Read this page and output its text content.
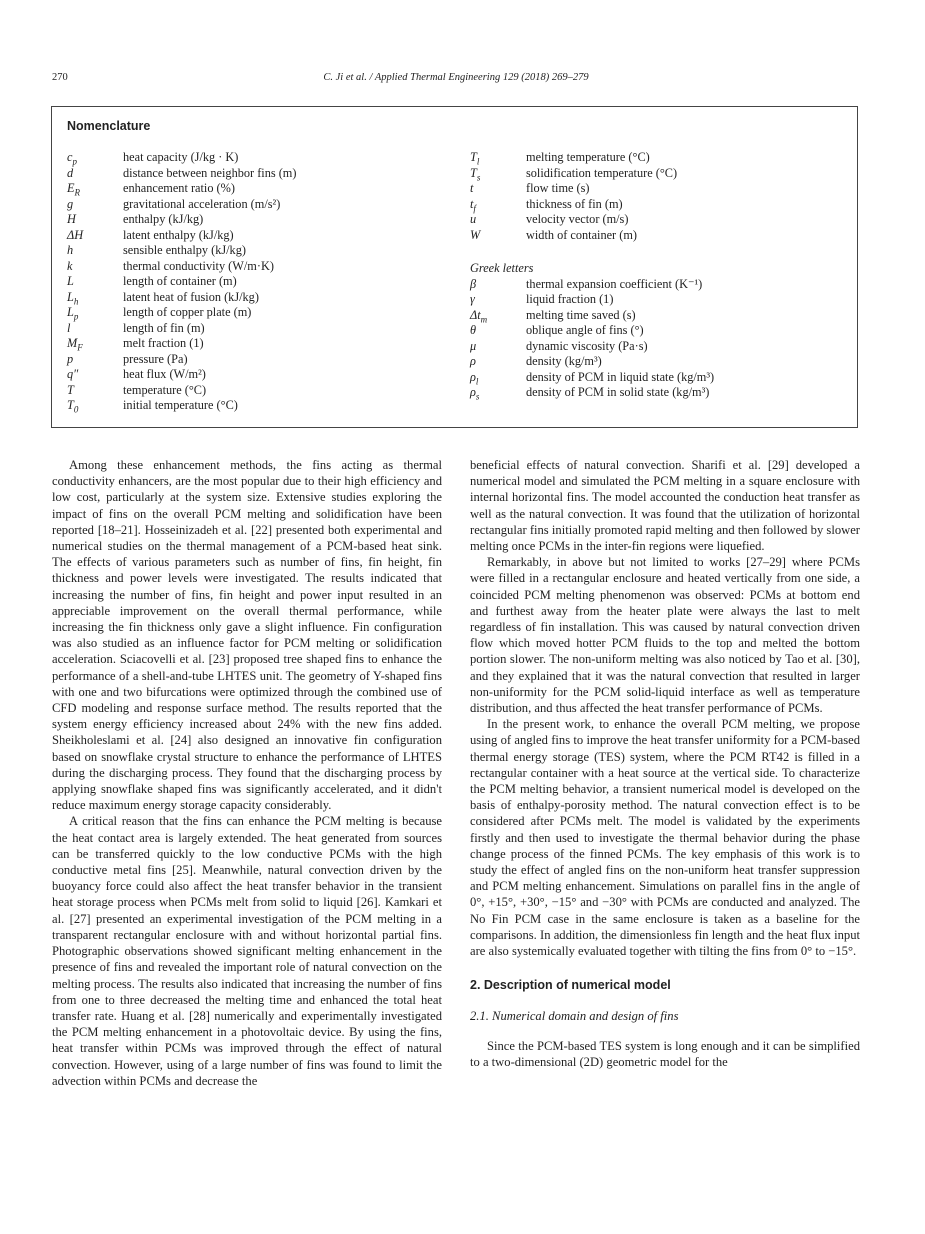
270	C. Ji et al. / Applied Thermal Engineering 129 (2018) 269–279
Nomenclature
$c_p$	heat capacity (J/kg · K)
d	distance between neighbor fins (m)
$E_R$	enhancement ratio (%)
g⃗	gravitational acceleration (m/s²)
H	enthalpy (kJ/kg)
ΔH	latent enthalpy (kJ/kg)
h	sensible enthalpy (kJ/kg)
k	thermal conductivity (W/m·K)
L	length of container (m)
$L_h$	latent heat of fusion (kJ/kg)
$L_p$	length of copper plate (m)
l	length of fin (m)
$M_F$	melt fraction (1)
p	pressure (Pa)
q″	heat flux (W/m²)
T	temperature (°C)
$T_0$	initial temperature (°C)
$T_l$	melting temperature (°C)
$T_s$	solidification temperature (°C)
t	flow time (s)
$t_f$	thickness of fin (m)
u⃗	velocity vector (m/s)
W	width of container (m)
Greek letters
β	thermal expansion coefficient (K⁻¹)
γ	liquid fraction (1)
$\Delta t_m$	melting time saved (s)
θ	oblique angle of fins (°)
μ	dynamic viscosity (Pa·s)
ρ	density (kg/m³)
$\rho_l$	density of PCM in liquid state (kg/m³)
$\rho_s$	density of PCM in solid state (kg/m³)

Among these enhancement methods, the fins acting as thermal conductivity enhancers, are the most popular due to their high efficiency and low cost, particularly at the system size. Extensive studies exploring the impact of fins on the overall PCM melting and solidification have been reported [18–21]. Hosseinizadeh et al. [22] presented both experimental and numerical studies on the thermal management of a PCM-based heat sink. The effects of various parameters such as number of fins, fin height, fin thickness and power levels were investigated. The results indicated that increasing the number of fins, fin height and power input resulted in an appreciable improvement on the overall thermal performance, while increasing the fin thickness only gave a slight influence. Fin configuration was also studied as an influence factor for PCM melting or solidification acceleration. Sciacovelli et al. [23] proposed tree shaped fins to enhance the performance of a shell-and-tube LHTES unit. The geometry of Y-shaped fins with one and two bifurcations were optimized through the combined use of CFD modeling and response surface method. The results reported that the system energy efficiency increased about 24% with the new fins added. Sheikholeslami et al. [24] also designed an innovative fin configuration based on snowflake crystal structure to enhance the performance of LHTES during the discharging process. They found that the discharging process by applying snowflake shaped fins was significantly accelerated, and it didn't reduce maximum energy storage capacity considerably.

A critical reason that the fins can enhance the PCM melting is because the heat contact area is largely extended. The heat generated from sources can be transferred quickly to the low conductive PCMs with the high conductive metal fins [25]. Meanwhile, natural convection driven by the buoyancy force could also affect the heat transfer behavior in the transient heat storage process when PCMs melt from solid to liquid [26]. Kamkari et al. [27] presented an experimental investigation of the PCM melting in a transparent rectangular enclosure with and without horizontal partial fins. Photographic observations showed significant melting enhancement in the presence of fins and revealed the important role of natural convection on the melting process. The results also indicated that increasing the number of fins from one to three decreased the melting time and enhanced the total heat transfer rate. Huang et al. [28] numerically and experimentally investigated the PCM melting enhancement in a photovoltaic device. By using the fins, heat transfer within PCMs was improved through the effect of natural convection. However, using of a large number of fins was found to limit the advection within PCMs and decrease the

beneficial effects of natural convection. Sharifi et al. [29] developed a numerical model and simulated the PCM melting in a square enclosure with internal horizontal fins. The model accounted the conduction heat transfer as well as the natural convection. It was found that the utilization of horizontal rectangular fins initially promoted rapid melting and then followed by slower melting once PCMs in the inter-fin regions were liquefied.

Remarkably, in above but not limited to works [27–29] where PCMs were filled in a rectangular enclosure and heated vertically from one side, a coincided PCM melting phenomenon was observed: PCMs at bottom end and furthest away from the heater plate were always the last to melt regardless of fin installation. This was caused by natural convection driven flow which moved hotter PCM fluids to the top and melted the bottom portion slower. The non-uniform melting was also noticed by Tao et al. [30], and they explained that it was the natural convection that resulted in larger non-uniformity for the PCM solid-liquid interface as well as temperature distribution, and thus affected the heat transfer performance of PCMs.

In the present work, to enhance the overall PCM melting, we propose using of angled fins to improve the heat transfer uniformity for a PCM-based thermal energy storage (TES) system, where the PCM RT42 is filled in a rectangular container with a heat source at the vertical side. To characterize the PCM melting behavior, a transient numerical model is developed on the basis of enthalpy-porosity method. The natural convection effect is to be considered after PCMs melt. The model is validated by the experiments firstly and then used to investigate the thermal behavior during the phase change process of the finned PCMs. The key emphasis of this work is to study the effect of angled fins on the non-uniform heat transfer suppression and PCM melting enhancement. Simulations on parallel fins in the angle of 0°, +15°, +30°, −15° and −30° with PCMs are conducted and analyzed. The No Fin PCM case in the same enclosure is taken as a baseline for the comparisons. In addition, the dimensionless fin length and the heat flux input are also systemically evaluated together with tilting the fins from 0° to −15°.

2. Description of numerical model
2.1. Numerical domain and design of fins

Since the PCM-based TES system is long enough and it can be simplified to a two-dimensional (2D) geometric model for the
